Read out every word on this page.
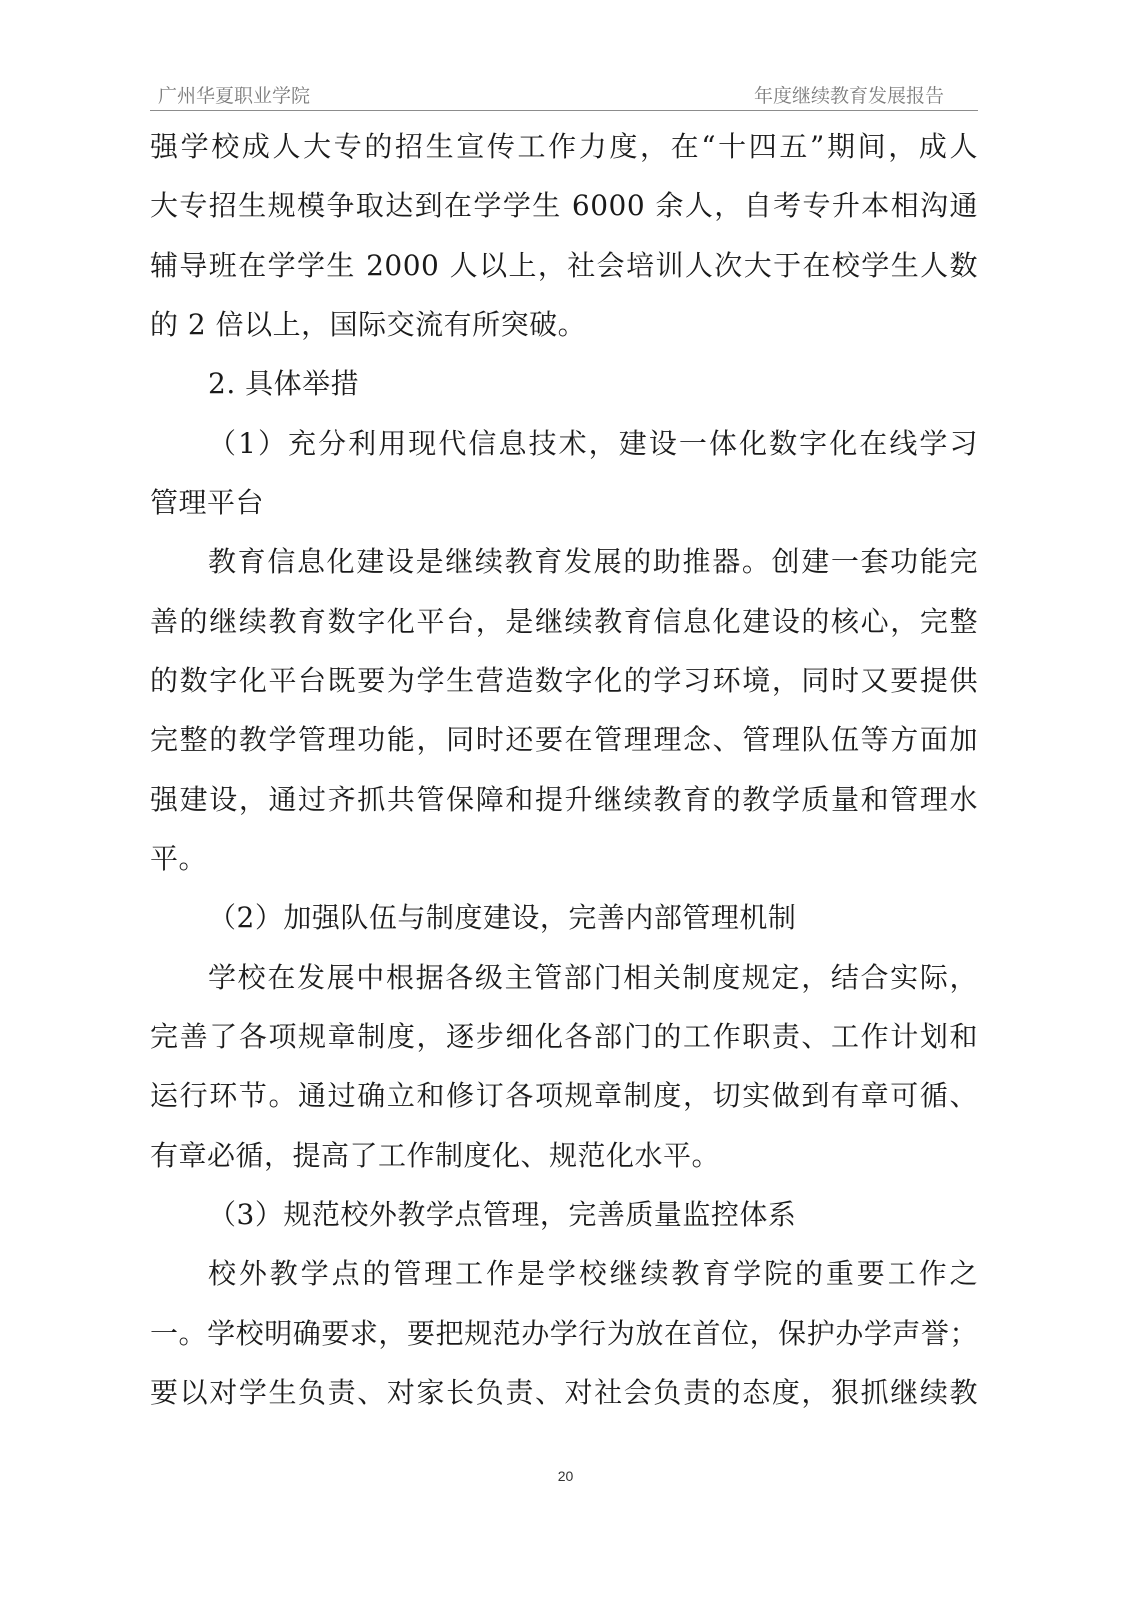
广州华夏职业学院	年度继续教育发展报告
强学校成人大专的招生宣传工作力度，在“十四五”期间，成人
大专招生规模争取达到在学学生 6000 余人，自考专升本相沟通
辅导班在学学生 2000 人以上，社会培训人次大于在校学生人数
的 2 倍以上，国际交流有所突破。
2. 具体举措
（1）充分利用现代信息技术，建设一体化数字化在线学习
管理平台
教育信息化建设是继续教育发展的助推器。创建一套功能完
善的继续教育数字化平台，是继续教育信息化建设的核心，完整
的数字化平台既要为学生营造数字化的学习环境，同时又要提供
完整的教学管理功能，同时还要在管理理念、管理队伍等方面加
强建设，通过齐抓共管保障和提升继续教育的教学质量和管理水
平。
（2）加强队伍与制度建设，完善内部管理机制
学校在发展中根据各级主管部门相关制度规定，结合实际，
完善了各项规章制度，逐步细化各部门的工作职责、工作计划和
运行环节。通过确立和修订各项规章制度，切实做到有章可循、
有章必循，提高了工作制度化、规范化水平。
（3）规范校外教学点管理，完善质量监控体系
校外教学点的管理工作是学校继续教育学院的重要工作之
一。学校明确要求，要把规范办学行为放在首位，保护办学声誉；
要以对学生负责、对家长负责、对社会负责的态度，狠抓继续教
20
